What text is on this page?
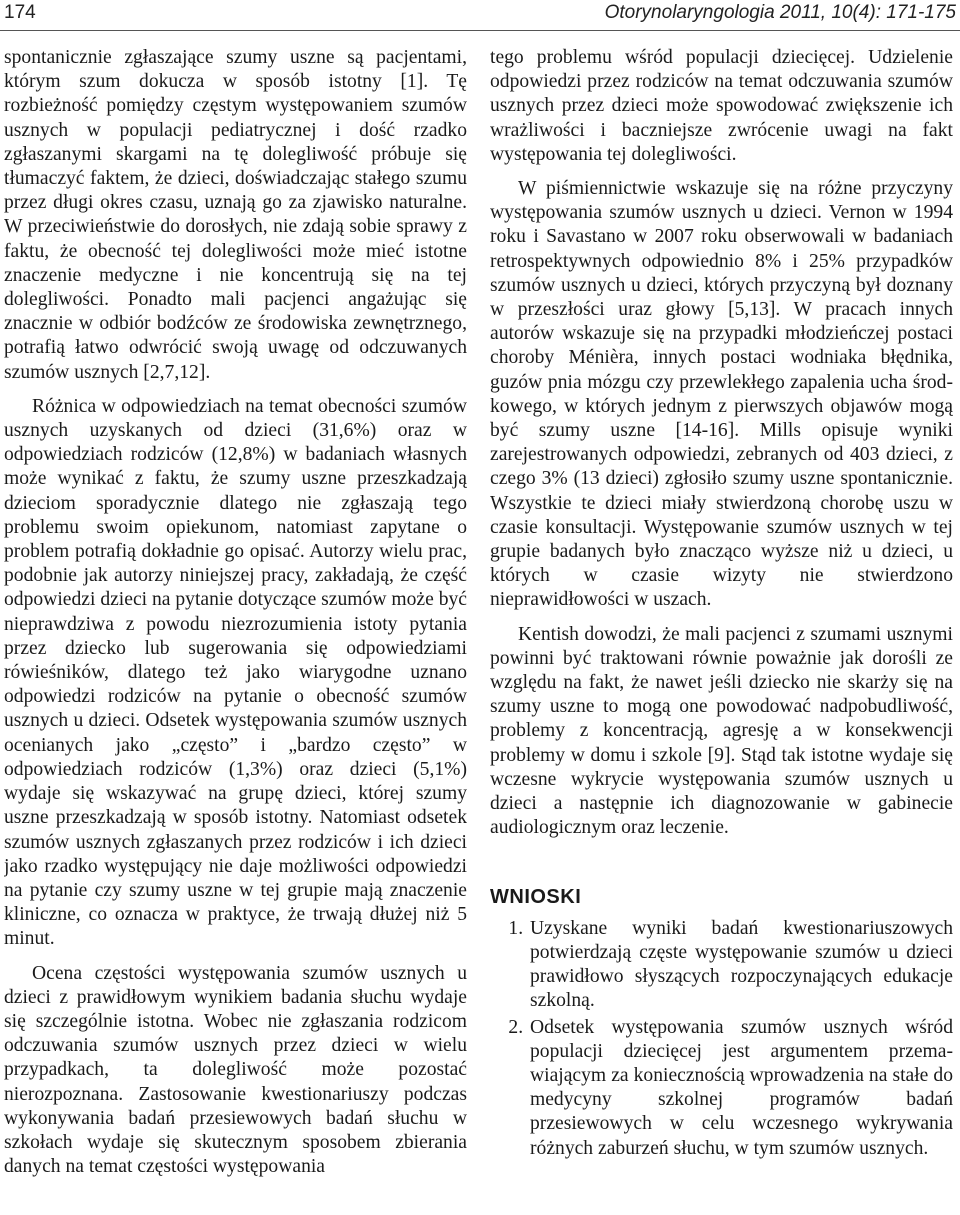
174	Otorynolaryngologia 2011, 10(4): 171-175

spontanicznie zgłaszające szumy uszne są pacjentami, którym szum dokucza w sposób istotny [1]. Tę rozbieżność pomiędzy częstym występowaniem szumów usznych w populacji pediatrycznej i dość rzadko zgłaszanymi skargami na tę dolegliwość próbuje się tłumaczyć faktem, że dzieci, doświadczając stałego szumu przez długi okres czasu, uznają go za zjawisko naturalne. W przeciwieństwie do dorosłych, nie zdają sobie sprawy z faktu, że obecność tej dolegliwości może mieć istotne znaczenie medyczne i nie koncentrują się na tej dolegliwości. Ponadto mali pacjenci angażując się znacznie w odbiór bodźców ze środowiska zewnętrznego, potrafią łatwo odwrócić swoją uwagę od odczuwanych szumów usznych [2,7,12].

Różnica w odpowiedziach na temat obecności szumów usznych uzyskanych od dzieci (31,6%) oraz w odpowiedziach rodziców (12,8%) w badaniach własnych może wynikać z faktu, że szumy uszne przeszkadzają dzieciom sporadycznie dlatego nie zgłaszają tego problemu swoim opiekunom, natomiast zapytane o problem potrafią dokładnie go opisać. Autorzy wielu prac, podobnie jak autorzy niniejszej pracy, zakładają, że część odpowiedzi dzieci na pytanie dotyczące szumów może być nieprawdziwa z powodu niezrozumienia istoty pytania przez dziecko lub sugerowania się odpowiedziami rówieśników, dlatego też jako wiarygodne uznano odpowiedzi rodziców na pytanie o obecność szumów usznych u dzieci. Odsetek występowania szumów usznych ocenianych jako „często” i „bardzo często” w odpowiedziach rodziców (1,3%) oraz dzieci (5,1%) wydaje się wskazywać na grupę dzieci, której szumy uszne przeszkadzają w sposób istotny. Natomiast odsetek szumów usznych zgłaszanych przez rodziców i ich dzieci jako rzadko występujący nie daje możliwości odpowiedzi na pytanie czy szumy uszne w tej grupie mają znaczenie kliniczne, co oznacza w praktyce, że trwają dłużej niż 5 minut.

Ocena częstości występowania szumów usznych u dzieci z prawidłowym wynikiem badania słuchu wydaje się szczególnie istotna. Wobec nie zgłaszania rodzicom odczuwania szumów usznych przez dzieci w wielu przypadkach, ta dolegliwość może pozostać nierozpoznana. Zastosowanie kwestionariuszy podczas wykonywania badań przesiewowych badań słuchu w szkołach wydaje się skutecznym sposobem zbierania danych na temat częstości występowania

tego problemu wśród populacji dziecięcej. Udzielenie odpowiedzi przez rodziców na temat odczuwania szumów usznych przez dzieci może spowodować zwiększenie ich wrażliwości i baczniejsze zwrócenie uwagi na fakt występowania tej dolegliwości.

W piśmiennictwie wskazuje się na różne przyczyny występowania szumów usznych u dzieci. Vernon w 1994 roku i Savastano w 2007 roku obserwowali w badaniach retrospektywnych odpowiednio 8% i 25% przypadków szumów usznych u dzieci, których przyczyną był doznany w przeszłości uraz głowy [5,13]. W pracach innych autorów wskazuje się na przypadki młodzieńczej postaci choroby Ménièra, innych postaci wodniaka błędnika, guzów pnia mózgu czy przewlekłego zapalenia ucha środkowego, w których jednym z pierwszych objawów mogą być szumy uszne [14-16]. Mills opisuje wyniki zarejestrowanych odpowiedzi, zebranych od 403 dzieci, z czego 3% (13 dzieci) zgłosiło szumy uszne spontanicznie. Wszystkie te dzieci miały stwierdzoną chorobę uszu w czasie konsultacji. Występowanie szumów usznych w tej grupie badanych było znacząco wyższe niż u dzieci, u których w czasie wizyty nie stwierdzono nieprawidłowości w uszach.

Kentish dowodzi, że mali pacjenci z szumami usznymi powinni być traktowani równie poważnie jak dorośli ze względu na fakt, że nawet jeśli dziecko nie skarży się na szumy uszne to mogą one powodować nadpobudliwość, problemy z koncentracją, agresję a w konsekwencji problemy w domu i szkole [9]. Stąd tak istotne wydaje się wczesne wykrycie występowania szumów usznych u dzieci a następnie ich diagnozowanie w gabinecie audiologicznym oraz leczenie.

WNIOSKI
1. Uzyskane wyniki badań kwestionariuszowych potwierdzają częste występowanie szumów u dzieci prawidłowo słyszących rozpoczynających edukacje szkolną.
2. Odsetek występowania szumów usznych wśród populacji dziecięcej jest argumentem przemawiającym za koniecznością wprowadzenia na stałe do medycyny szkolnej programów badań przesiewowych w celu wczesnego wykrywania różnych zaburzeń słuchu, w tym szumów usznych.
